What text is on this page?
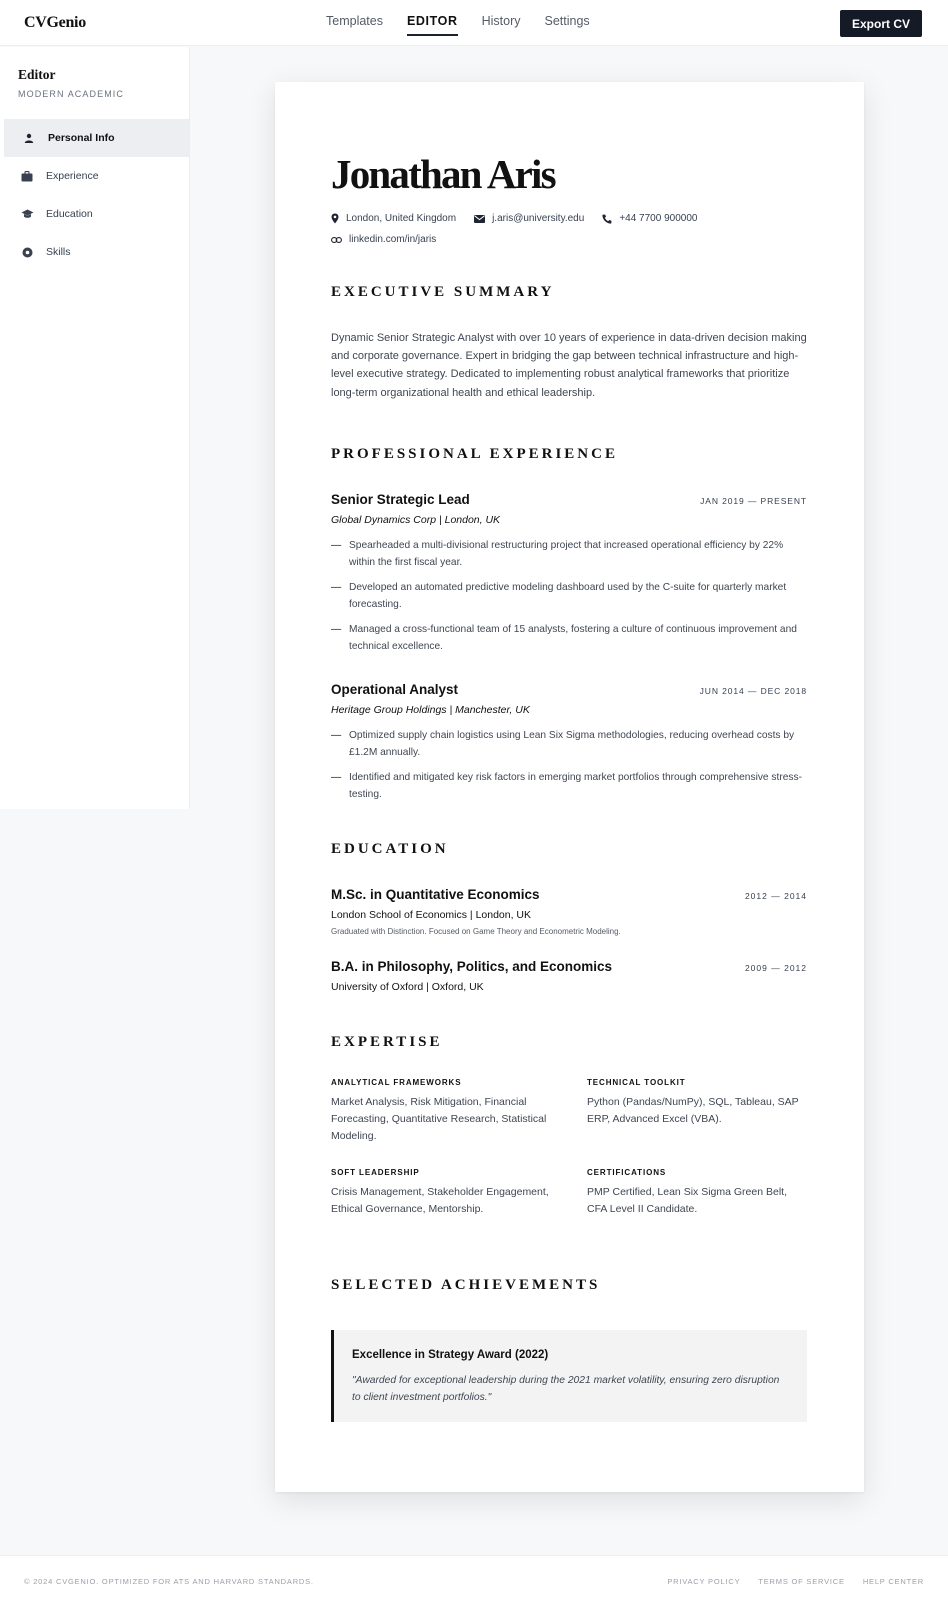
CVGenio	Templates EDITOR History Settings	Export CV
Editor
MODERN ACADEMIC
Personal Info
Experience
Education
Skills
Jonathan Aris
London, United Kingdom	j.aris@university.edu	+44 7700 900000
linkedin.com/in/jaris
EXECUTIVE SUMMARY
Dynamic Senior Strategic Analyst with over 10 years of experience in data-driven decision making and corporate governance. Expert in bridging the gap between technical infrastructure and high-level executive strategy. Dedicated to implementing robust analytical frameworks that prioritize long-term organizational health and ethical leadership.
PROFESSIONAL EXPERIENCE
Senior Strategic Lead	JAN 2019 — PRESENT
Global Dynamics Corp | London, UK
— Spearheaded a multi-divisional restructuring project that increased operational efficiency by 22% within the first fiscal year.
— Developed an automated predictive modeling dashboard used by the C-suite for quarterly market forecasting.
— Managed a cross-functional team of 15 analysts, fostering a culture of continuous improvement and technical excellence.
Operational Analyst	JUN 2014 — DEC 2018
Heritage Group Holdings | Manchester, UK
— Optimized supply chain logistics using Lean Six Sigma methodologies, reducing overhead costs by £1.2M annually.
— Identified and mitigated key risk factors in emerging market portfolios through comprehensive stress-testing.
EDUCATION
M.Sc. in Quantitative Economics	2012 — 2014
London School of Economics | London, UK
Graduated with Distinction. Focused on Game Theory and Econometric Modeling.
B.A. in Philosophy, Politics, and Economics	2009 — 2012
University of Oxford | Oxford, UK
EXPERTISE
ANALYTICAL FRAMEWORKS
Market Analysis, Risk Mitigation, Financial Forecasting, Quantitative Research, Statistical Modeling.
TECHNICAL TOOLKIT
Python (Pandas/NumPy), SQL, Tableau, SAP ERP, Advanced Excel (VBA).
SOFT LEADERSHIP
Crisis Management, Stakeholder Engagement, Ethical Governance, Mentorship.
CERTIFICATIONS
PMP Certified, Lean Six Sigma Green Belt, CFA Level II Candidate.
SELECTED ACHIEVEMENTS
Excellence in Strategy Award (2022)
"Awarded for exceptional leadership during the 2021 market volatility, ensuring zero disruption to client investment portfolios."
© 2024 CVGENIO. OPTIMIZED FOR ATS AND HARVARD STANDARDS.	PRIVACY POLICY TERMS OF SERVICE HELP CENTER
